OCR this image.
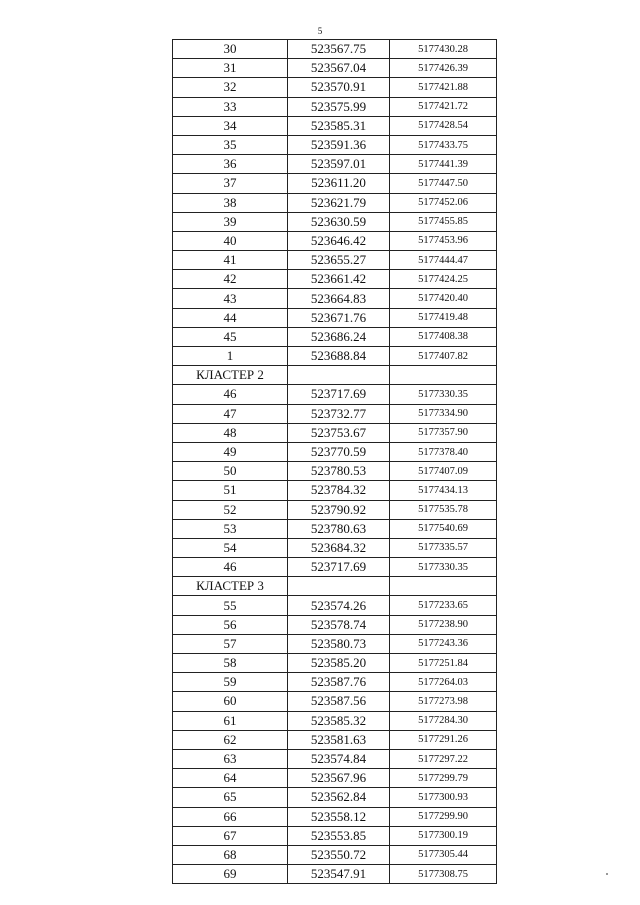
5
30	523567.75	5177430.28
31	523567.04	5177426.39
32	523570.91	5177421.88
33	523575.99	5177421.72
34	523585.31	5177428.54
35	523591.36	5177433.75
36	523597.01	5177441.39
37	523611.20	5177447.50
38	523621.79	5177452.06
39	523630.59	5177455.85
40	523646.42	5177453.96
41	523655.27	5177444.47
42	523661.42	5177424.25
43	523664.83	5177420.40
44	523671.76	5177419.48
45	523686.24	5177408.38
1	523688.84	5177407.82
КЛАСТЕР 2		
46	523717.69	5177330.35
47	523732.77	5177334.90
48	523753.67	5177357.90
49	523770.59	5177378.40
50	523780.53	5177407.09
51	523784.32	5177434.13
52	523790.92	5177535.78
53	523780.63	5177540.69
54	523684.32	5177335.57
46	523717.69	5177330.35
КЛАСТЕР 3		
55	523574.26	5177233.65
56	523578.74	5177238.90
57	523580.73	5177243.36
58	523585.20	5177251.84
59	523587.76	5177264.03
60	523587.56	5177273.98
61	523585.32	5177284.30
62	523581.63	5177291.26
63	523574.84	5177297.22
64	523567.96	5177299.79
65	523562.84	5177300.93
66	523558.12	5177299.90
67	523553.85	5177300.19
68	523550.72	5177305.44
69	523547.91	5177308.75
